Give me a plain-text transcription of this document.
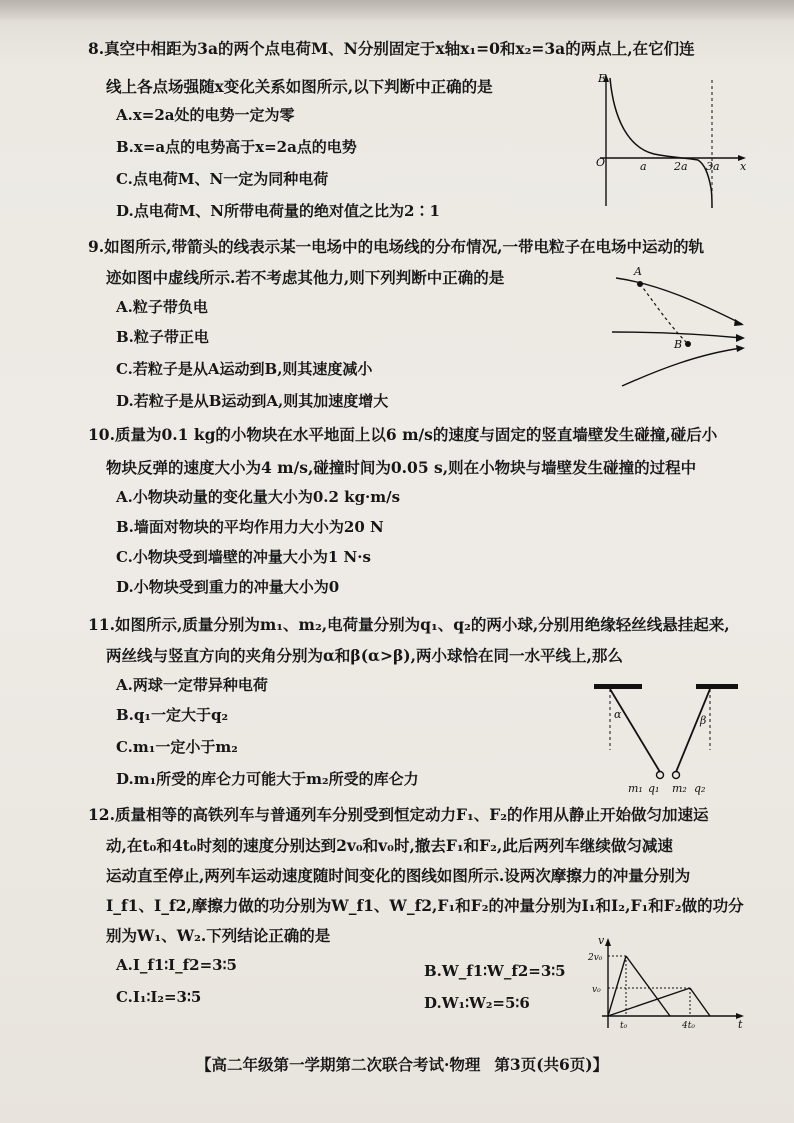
8.真空中相距为3a的两个点电荷M、N分别固定于x轴x₁=0和x₂=3a的两点上,在它们连
线上各点场强随x变化关系如图所示,以下判断中正确的是
A.x=2a处的电势一定为零
B.x=a点的电势高于x=2a点的电势
C.点电荷M、N一定为同种电荷
D.点电荷M、N所带电荷量的绝对值之比为2∶1
E
O	x
a 2a 3a
9.如图所示,带箭头的线表示某一电场中的电场线的分布情况,一带电粒子在电场中运动的轨
迹如图中虚线所示.若不考虑其他力,则下列判断中正确的是
A.粒子带负电
B.粒子带正电
C.若粒子是从A运动到B,则其速度减小
D.若粒子是从B运动到A,则其加速度增大
A
B
10.质量为0.1 kg的小物块在水平地面上以6 m/s的速度与固定的竖直墙壁发生碰撞,碰后小
物块反弹的速度大小为4 m/s,碰撞时间为0.05 s,则在小物块与墙壁发生碰撞的过程中
A.小物块动量的变化量大小为0.2 kg·m/s
B.墙面对物块的平均作用力大小为20 N
C.小物块受到墙壁的冲量大小为1 N·s
D.小物块受到重力的冲量大小为0
11.如图所示,质量分别为m₁、m₂,电荷量分别为q₁、q₂的两小球,分别用绝缘轻丝线悬挂起来,
两丝线与竖直方向的夹角分别为α和β(α>β),两小球恰在同一水平线上,那么
A.两球一定带异种电荷
B.q₁一定大于q₂
C.m₁一定小于m₂
D.m₁所受的库仑力可能大于m₂所受的库仑力
α	β
m₁ q₁ m₂ q₂
12.质量相等的高铁列车与普通列车分别受到恒定动力F₁、F₂的作用从静止开始做匀加速运
动,在t₀和4t₀时刻的速度分别达到2v₀和v₀时,撤去F₁和F₂,此后两列车继续做匀减速
运动直至停止,两列车运动速度随时间变化的图线如图所示.设两次摩擦力的冲量分别为
I_f1、I_f2,摩擦力做的功分别为W_f1、W_f2,F₁和F₂的冲量分别为I₁和I₂,F₁和F₂做的功分
别为W₁、W₂.下列结论正确的是
A.I_f1∶I_f2=3∶5
C.I₁∶I₂=3∶5
B.W_f1∶W_f2=3∶5
D.W₁∶W₂=5∶6
v
2v₀
v₀
t₀	4t₀	t
【高二年级第一学期第二次联合考试·物理 第3页(共6页)】
